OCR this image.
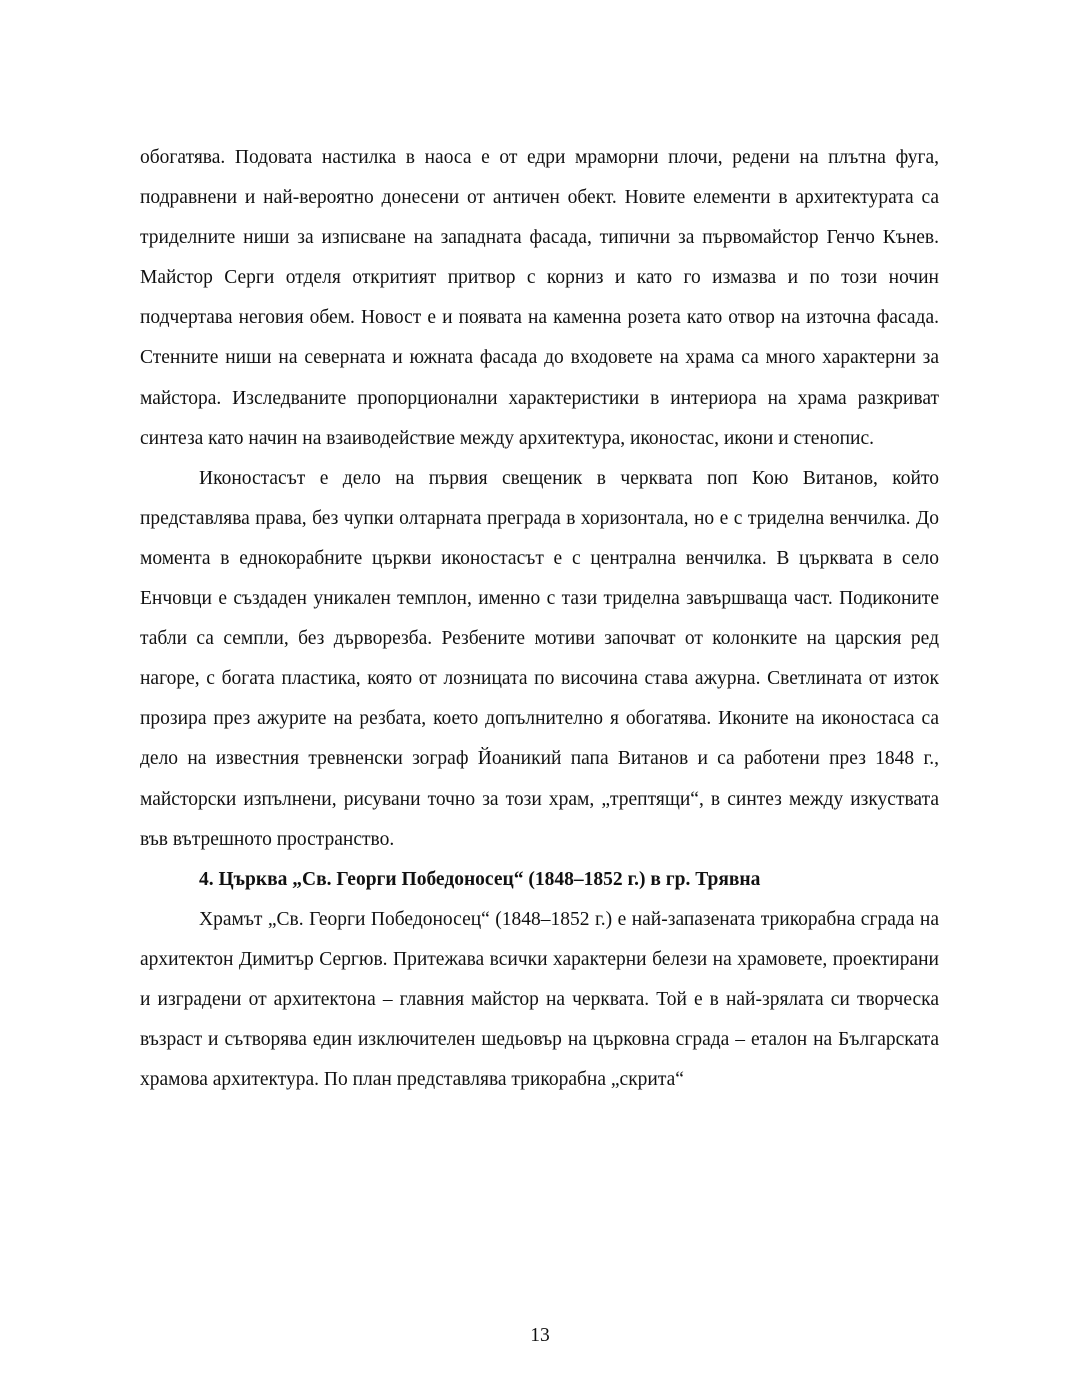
обогатява. Подовата настилка в наоса е от едри мраморни плочи, редени на плътна фуга, подравнени и най-вероятно донесени от античен обект. Новите елементи в архитектурата са триделните ниши за изписване на западната фасада, типични за първомайстор Генчо Кънев. Майстор Серги отделя откритият притвор с корниз и като го измазва и по този ночин подчертава неговия обем. Новост е и появата на каменна розета като отвор на източна фасада. Стенните ниши на северната и южната фасада до входовете на храма са много характерни за майстора. Изследваните пропорционални характеристики в интериора на храма разкриват синтеза като начин на взаиводействие между архитектура, иконостас, икони и стенопис.

Иконостасът е дело на първия свещеник в черквата поп Кою Витанов, който представлява права, без чупки олтарната преграда в хоризонтала, но е с триделна венчилка. До момента в еднокорабните църкви иконостасът е с централна венчилка. В църквата в село Енчовци е създаден уникален темплон, именно с тази триделна завършваща част. Подиконите табли са семпли, без дърворезба. Резбените мотиви започват от колонките на царския ред нагоре, с богата пластика, която от лозницата по височина става ажурна. Светлината от изток прозира през ажурите на резбата, което допълнително я обогатява. Иконите на иконостаса са дело на известния тревненски зограф Йоаникий папа Витанов и са работени през 1848 г., майсторски изпълнени, рисувани точно за този храм, „трептящи“, в синтез между изкуствата във вътрешното пространство.

4. Църква „Св. Георги Победоносец“ (1848–1852 г.) в гр. Трявна

Храмът „Св. Георги Победоносец“ (1848–1852 г.) е най-запазената трикорабна сграда на архитектон Димитър Сергюв. Притежава всички характерни белези на храмовете, проектирани и изградени от архитектона – главния майстор на черквата. Той е в най-зрялата си творческа възраст и сътворява един изключителен шедьовър на църковна сграда – еталон на Българската храмова архитектура. По план представлява трикорабна „скрита“

13
